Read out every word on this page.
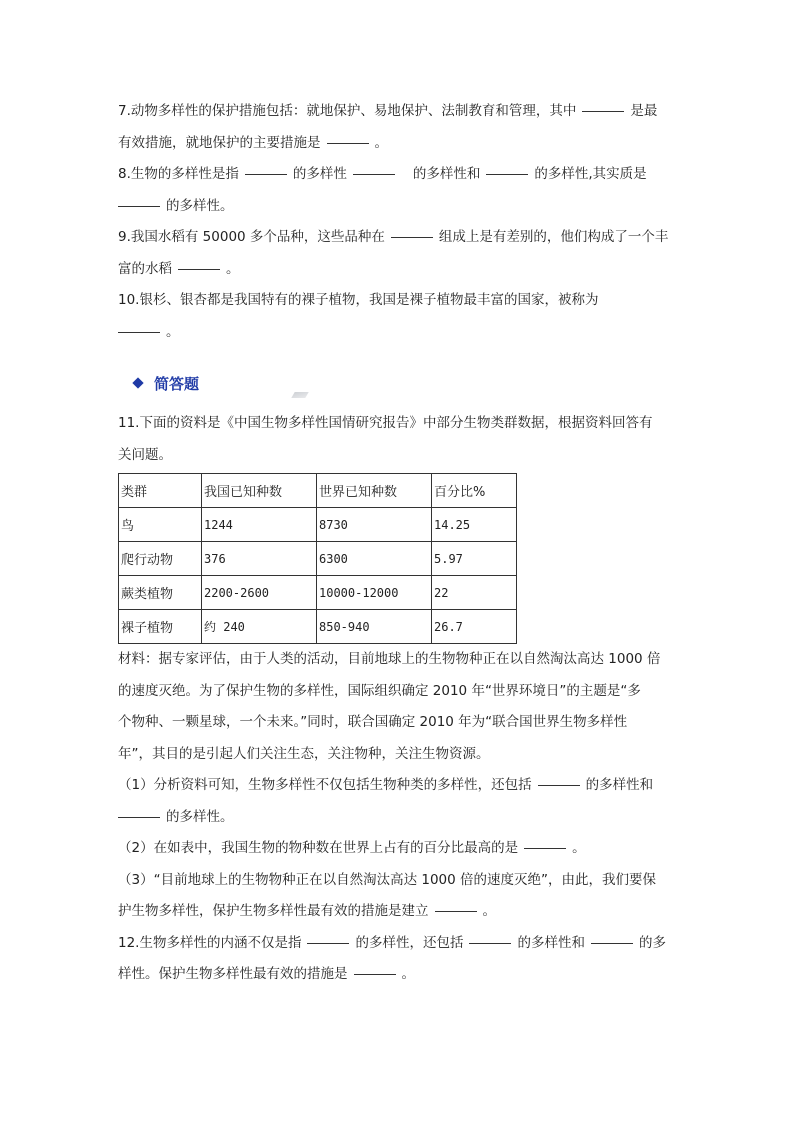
7.动物多样性的保护措施包括：就地保护、易地保护、法制教育和管理，其中	是最
有效措施，就地保护的主要措施是	。

8.生物的多样性是指	的多样性	的多样性和	的多样性,其实质是
的多样性。

9.我国水稻有 50000 多个品种，这些品种在	组成上是有差别的，他们构成了一个丰
富的水稻	。

10.银杉、银杏都是我国特有的裸子植物，我国是裸子植物最丰富的国家，被称为
。

简答题

11.下面的资料是《中国生物多样性国情研究报告》中部分生物类群数据，根据资料回答有
关问题。

类群	我国已知种数	世界已知种数	百分比%
鸟	1244	8730	14.25
爬行动物	376	6300	5.97
蕨类植物	2200-2600	10000-12000	22
裸子植物	约 240	850-940	26.7

材料：据专家评估，由于人类的活动，目前地球上的生物物种正在以自然淘汰高达 1000 倍
的速度灭绝。为了保护生物的多样性，国际组织确定 2010 年“世界环境日”的主题是“多
个物种、一颗星球，一个未来。”同时，联合国确定 2010 年为“联合国世界生物多样性
年”，其目的是引起人们关注生态，关注物种，关注生物资源。

（1）分析资料可知，生物多样性不仅包括生物种类的多样性，还包括	的多样性和
的多样性。

（2）在如表中，我国生物的物种数在世界上占有的百分比最高的是	。

（3）“目前地球上的生物物种正在以自然淘汰高达 1000 倍的速度灭绝”，由此，我们要保
护生物多样性，保护生物多样性最有效的措施是建立	。

12.生物多样性的内涵不仅是指	的多样性，还包括	的多样性和	的多
样性。保护生物多样性最有效的措施是	。
